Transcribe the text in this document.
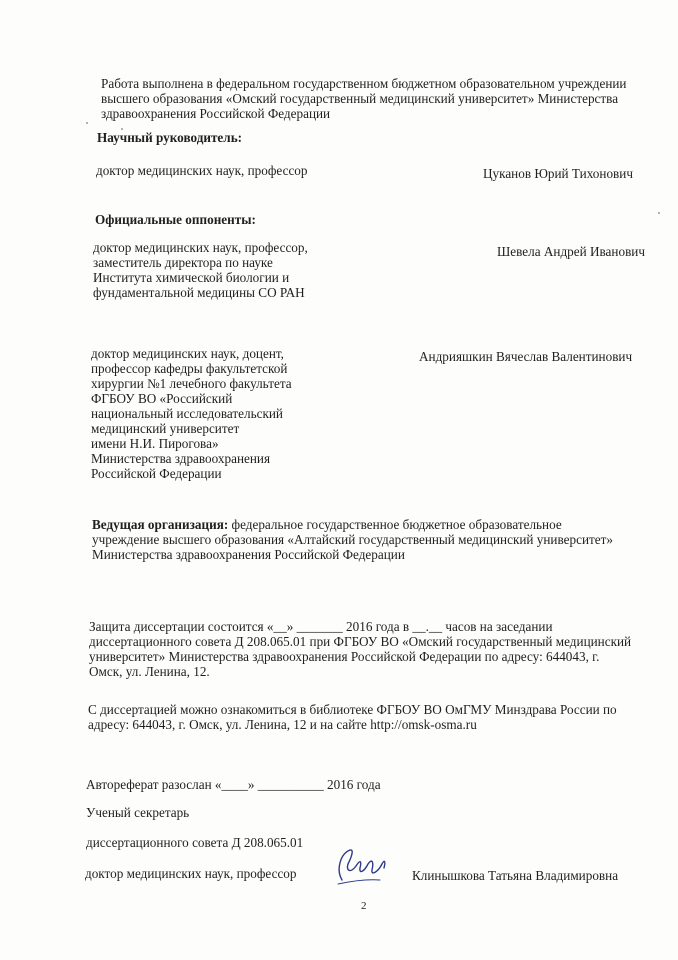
Работа выполнена в федеральном государственном бюджетном образовательном учреждении
высшего образования «Омский государственный медицинский университет» Министерства
здравоохранения Российской Федерации
Научный руководитель:
доктор медицинских наук, профессор	Цуканов Юрий Тихонович
Официальные оппоненты:
доктор медицинских наук, профессор,
заместитель директора по науке
Института химической биологии и
фундаментальной медицины СО РАН
Шевела Андрей Иванович
доктор медицинских наук, доцент,
профессор кафедры факультетской
хирургии №1 лечебного факультета
ФГБОУ ВО «Российский
национальный исследовательский
медицинский университет
имени Н.И. Пирогова»
Министерства здравоохранения
Российской Федерации
Андрияшкин Вячеслав Валентинович
Ведущая организация: федеральное государственное бюджетное образовательное
учреждение высшего образования «Алтайский государственный медицинский университет»
Министерства здравоохранения Российской Федерации
Защита диссертации состоится «__» _______ 2016 года в __.__ часов на заседании
диссертационного совета Д 208.065.01 при ФГБОУ ВО «Омский государственный медицинский
университет» Министерства здравоохранения Российской Федерации по адресу: 644043, г.
Омск, ул. Ленина, 12.
С диссертацией можно ознакомиться в библиотеке ФГБОУ ВО ОмГМУ Минздрава России по
адресу: 644043, г. Омск, ул. Ленина, 12 и на сайте http://omsk-osma.ru
Автореферат разослан «____» __________ 2016 года
Ученый секретарь
диссертационного совета Д 208.065.01
доктор медицинских наук, профессор	Клинышкова Татьяна Владимировна
2
